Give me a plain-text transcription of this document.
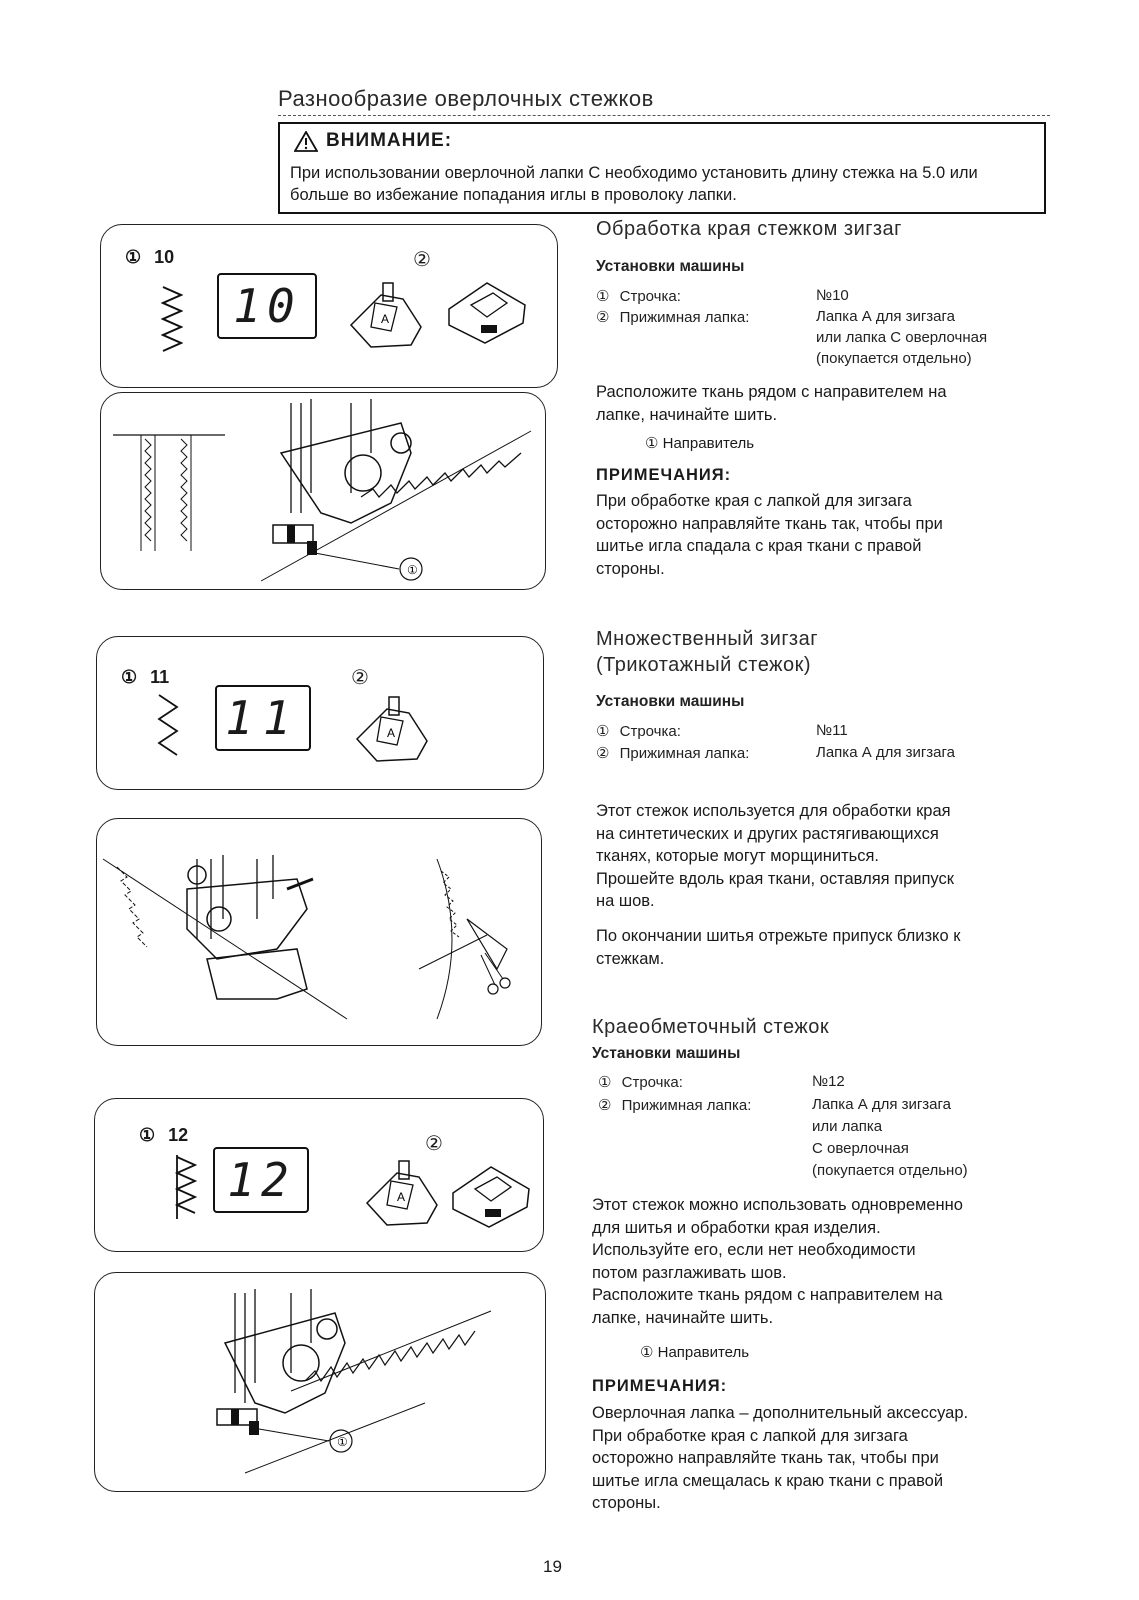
Разнообразие оверлочных стежков
ВНИМАНИЕ:
При использовании оверлочной лапки С необходимо установить длину стежка на 5.0 или больше во избежание попадания иглы в проволоку лапки.
Обработка края стежком зигзаг
Установки машины
① Строчка:	№10
② Прижимная лапка:	Лапка А для зигзага
или лапка С оверлочная
(покупается отдельно)
Расположите ткань рядом с направителем на
лапке, начинайте шить.
① Направитель
ПРИМЕЧАНИЯ:
При обработке края с лапкой для зигзага
осторожно направляйте ткань так, чтобы при
шитье игла спадала с края ткани с правой
стороны.
Множественный зигзаг
(Трикотажный стежок)
Установки машины
① Строчка:	№11
② Прижимная лапка:	Лапка А для зигзага
Этот стежок используется для обработки края
на синтетических и других растягивающихся
тканях, которые могут морщиниться.
Прошейте вдоль края ткани, оставляя припуск
на шов.
По окончании шитья отрежьте припуск близко к
стежкам.
Краеобметочный стежок
Установки машины
① Строчка:	№12
② Прижимная лапка:	Лапка А для зигзага
или лапка
С оверлочная
(покупается отдельно)
Этот стежок можно использовать одновременно
для шитья и обработки края изделия.
Используйте его, если нет необходимости
потом разглаживать шов.
Расположите ткань рядом с направителем на
лапке, начинайте шить.
① Направитель
ПРИМЕЧАНИЯ:
Оверлочная лапка – дополнительный аксессуар.
При обработке края с лапкой для зигзага
осторожно направляйте ткань так, чтобы при
шитье игла смещалась к краю ткани с правой
стороны.
① 10
10
②
A
①
① 11
11
②
A
① 12
12
②
A
①
19
